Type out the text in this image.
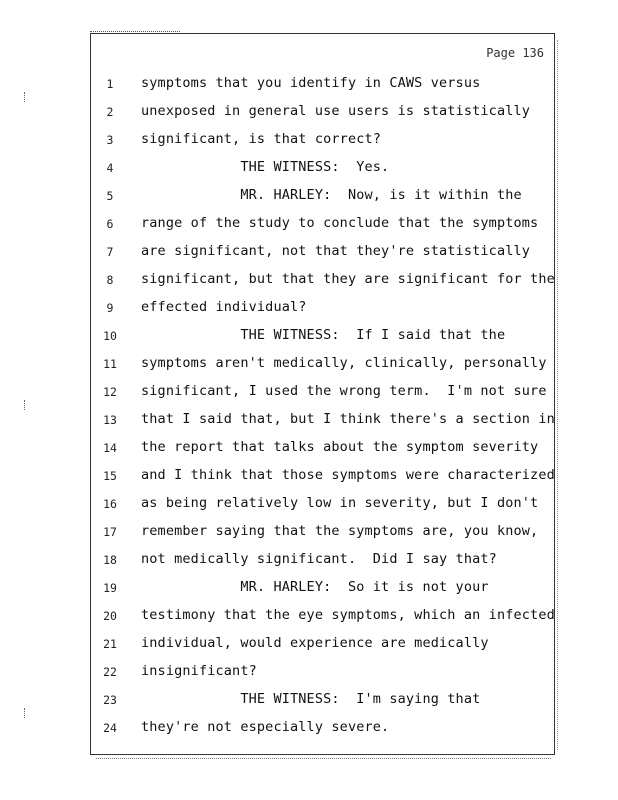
Page 136
1	symptoms that you identify in CAWS versus
2	unexposed in general use users is statistically
3	significant, is that correct?
4	THE WITNESS:  Yes.
5	MR. HARLEY:  Now, is it within the
6	range of the study to conclude that the symptoms
7	are significant, not that they're statistically
8	significant, but that they are significant for the
9	effected individual?
10	THE WITNESS:  If I said that the
11	symptoms aren't medically, clinically, personally
12	significant, I used the wrong term.  I'm not sure
13	that I said that, but I think there's a section in
14	the report that talks about the symptom severity
15	and I think that those symptoms were characterized
16	as being relatively low in severity, but I don't
17	remember saying that the symptoms are, you know,
18	not medically significant.  Did I say that?
19	MR. HARLEY:  So it is not your
20	testimony that the eye symptoms, which an infected
21	individual, would experience are medically
22	insignificant?
23	THE WITNESS:  I'm saying that
24	they're not especially severe.
